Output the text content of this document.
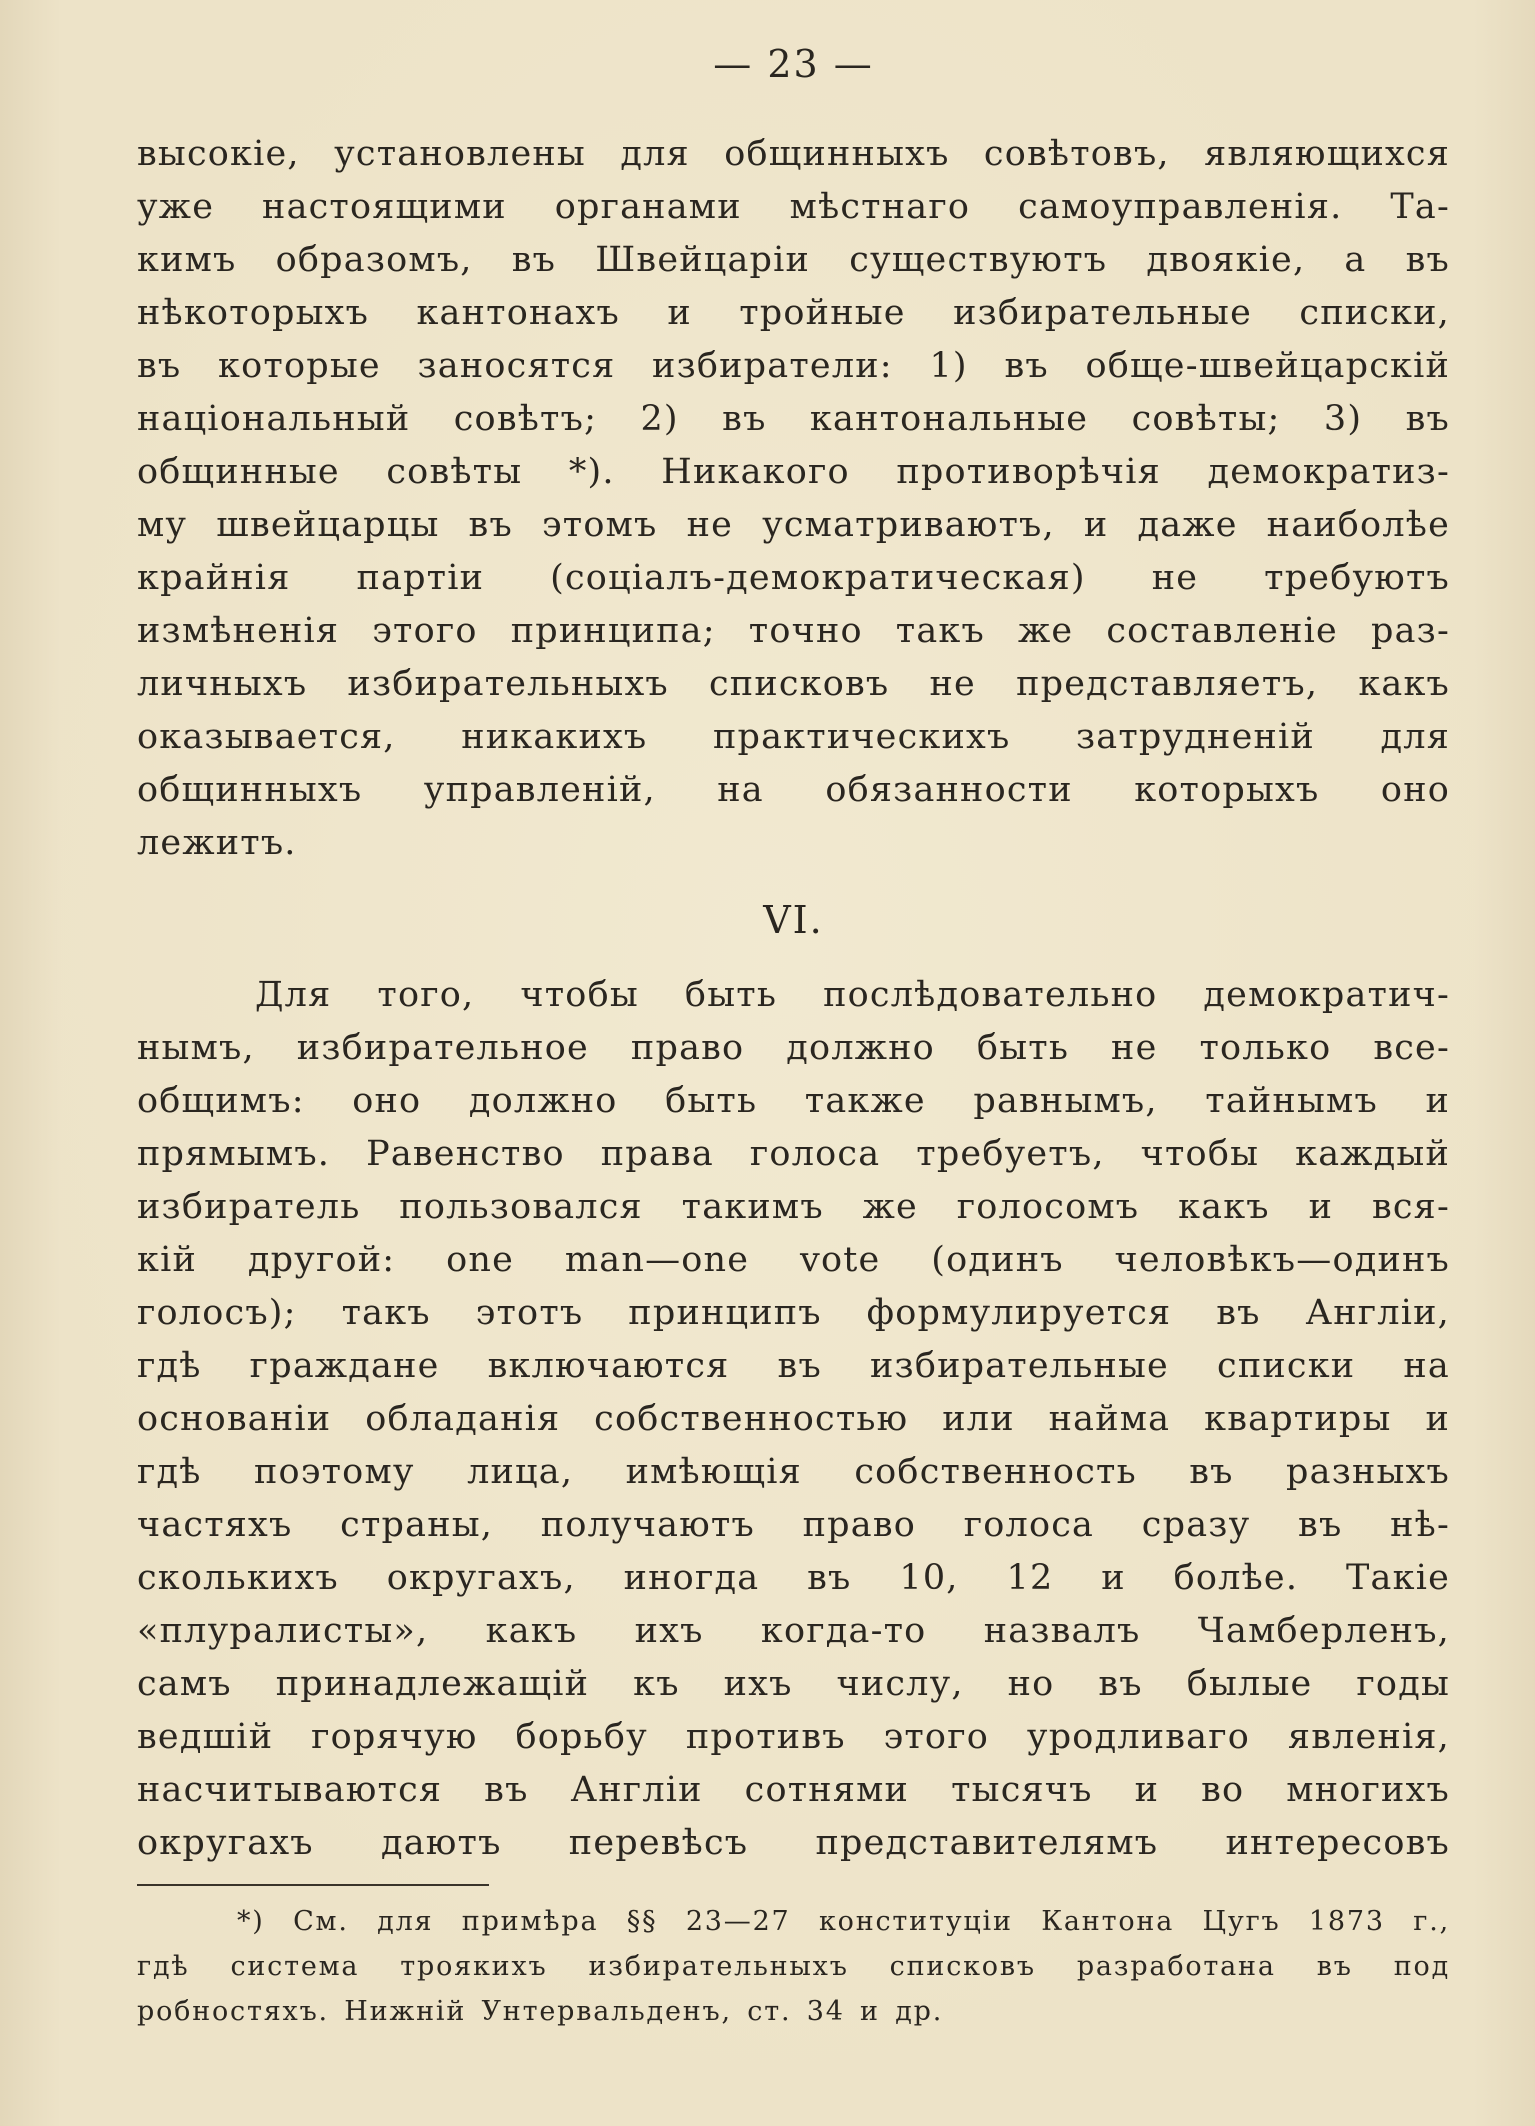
— 23 —
высокіе, установлены для общинныхъ совѣтовъ, являющихся
уже настоящими органами мѣстнаго самоуправленія. Та-
кимъ образомъ, въ Швейцаріи существуютъ двоякіе, а въ
нѣкоторыхъ кантонахъ и тройные избирательные списки,
въ которые заносятся избиратели: 1) въ обще-швейцарскій
національный совѣтъ; 2) въ кантональные совѣты; 3) въ
общинные совѣты *). Никакого противорѣчія демократиз-
му швейцарцы въ этомъ не усматриваютъ, и даже наиболѣе
крайнія партіи (соціалъ-демократическая) не требуютъ
измѣненія этого принципа; точно такъ же составленіе раз-
личныхъ избирательныхъ списковъ не представляетъ, какъ
оказывается, никакихъ практическихъ затрудненій для
общинныхъ управленій, на обязанности которыхъ оно
лежитъ.
VI.
Для того, чтобы быть послѣдовательно демократич-
нымъ, избирательное право должно быть не только все-
общимъ: оно должно быть также равнымъ, тайнымъ и
прямымъ. Равенство права голоса требуетъ, чтобы каждый
избиратель пользовался такимъ же голосомъ какъ и вся-
кій другой: one man—one vote (одинъ человѣкъ—одинъ
голосъ); такъ этотъ принципъ формулируется въ Англіи,
гдѣ граждане включаются въ избирательные списки на
основаніи обладанія собственностью или найма квартиры и
гдѣ поэтому лица, имѣющія собственность въ разныхъ
частяхъ страны, получаютъ право голоса сразу въ нѣ-
сколькихъ округахъ, иногда въ 10, 12 и болѣе. Такіе
«плуралисты», какъ ихъ когда-то назвалъ Чамберленъ,
самъ принадлежащій къ ихъ числу, но въ былые годы
ведшій горячую борьбу противъ этого уродливаго явленія,
насчитываются въ Англіи сотнями тысячъ и во многихъ
округахъ даютъ перевѣсъ представителямъ интересовъ
*) См. для примѣра §§ 23—27 конституціи Кантона Цугъ 1873 г.,
гдѣ система троякихъ избирательныхъ списковъ разработана въ под
робностяхъ. Нижній Унтервальденъ, ст. 34 и др.
